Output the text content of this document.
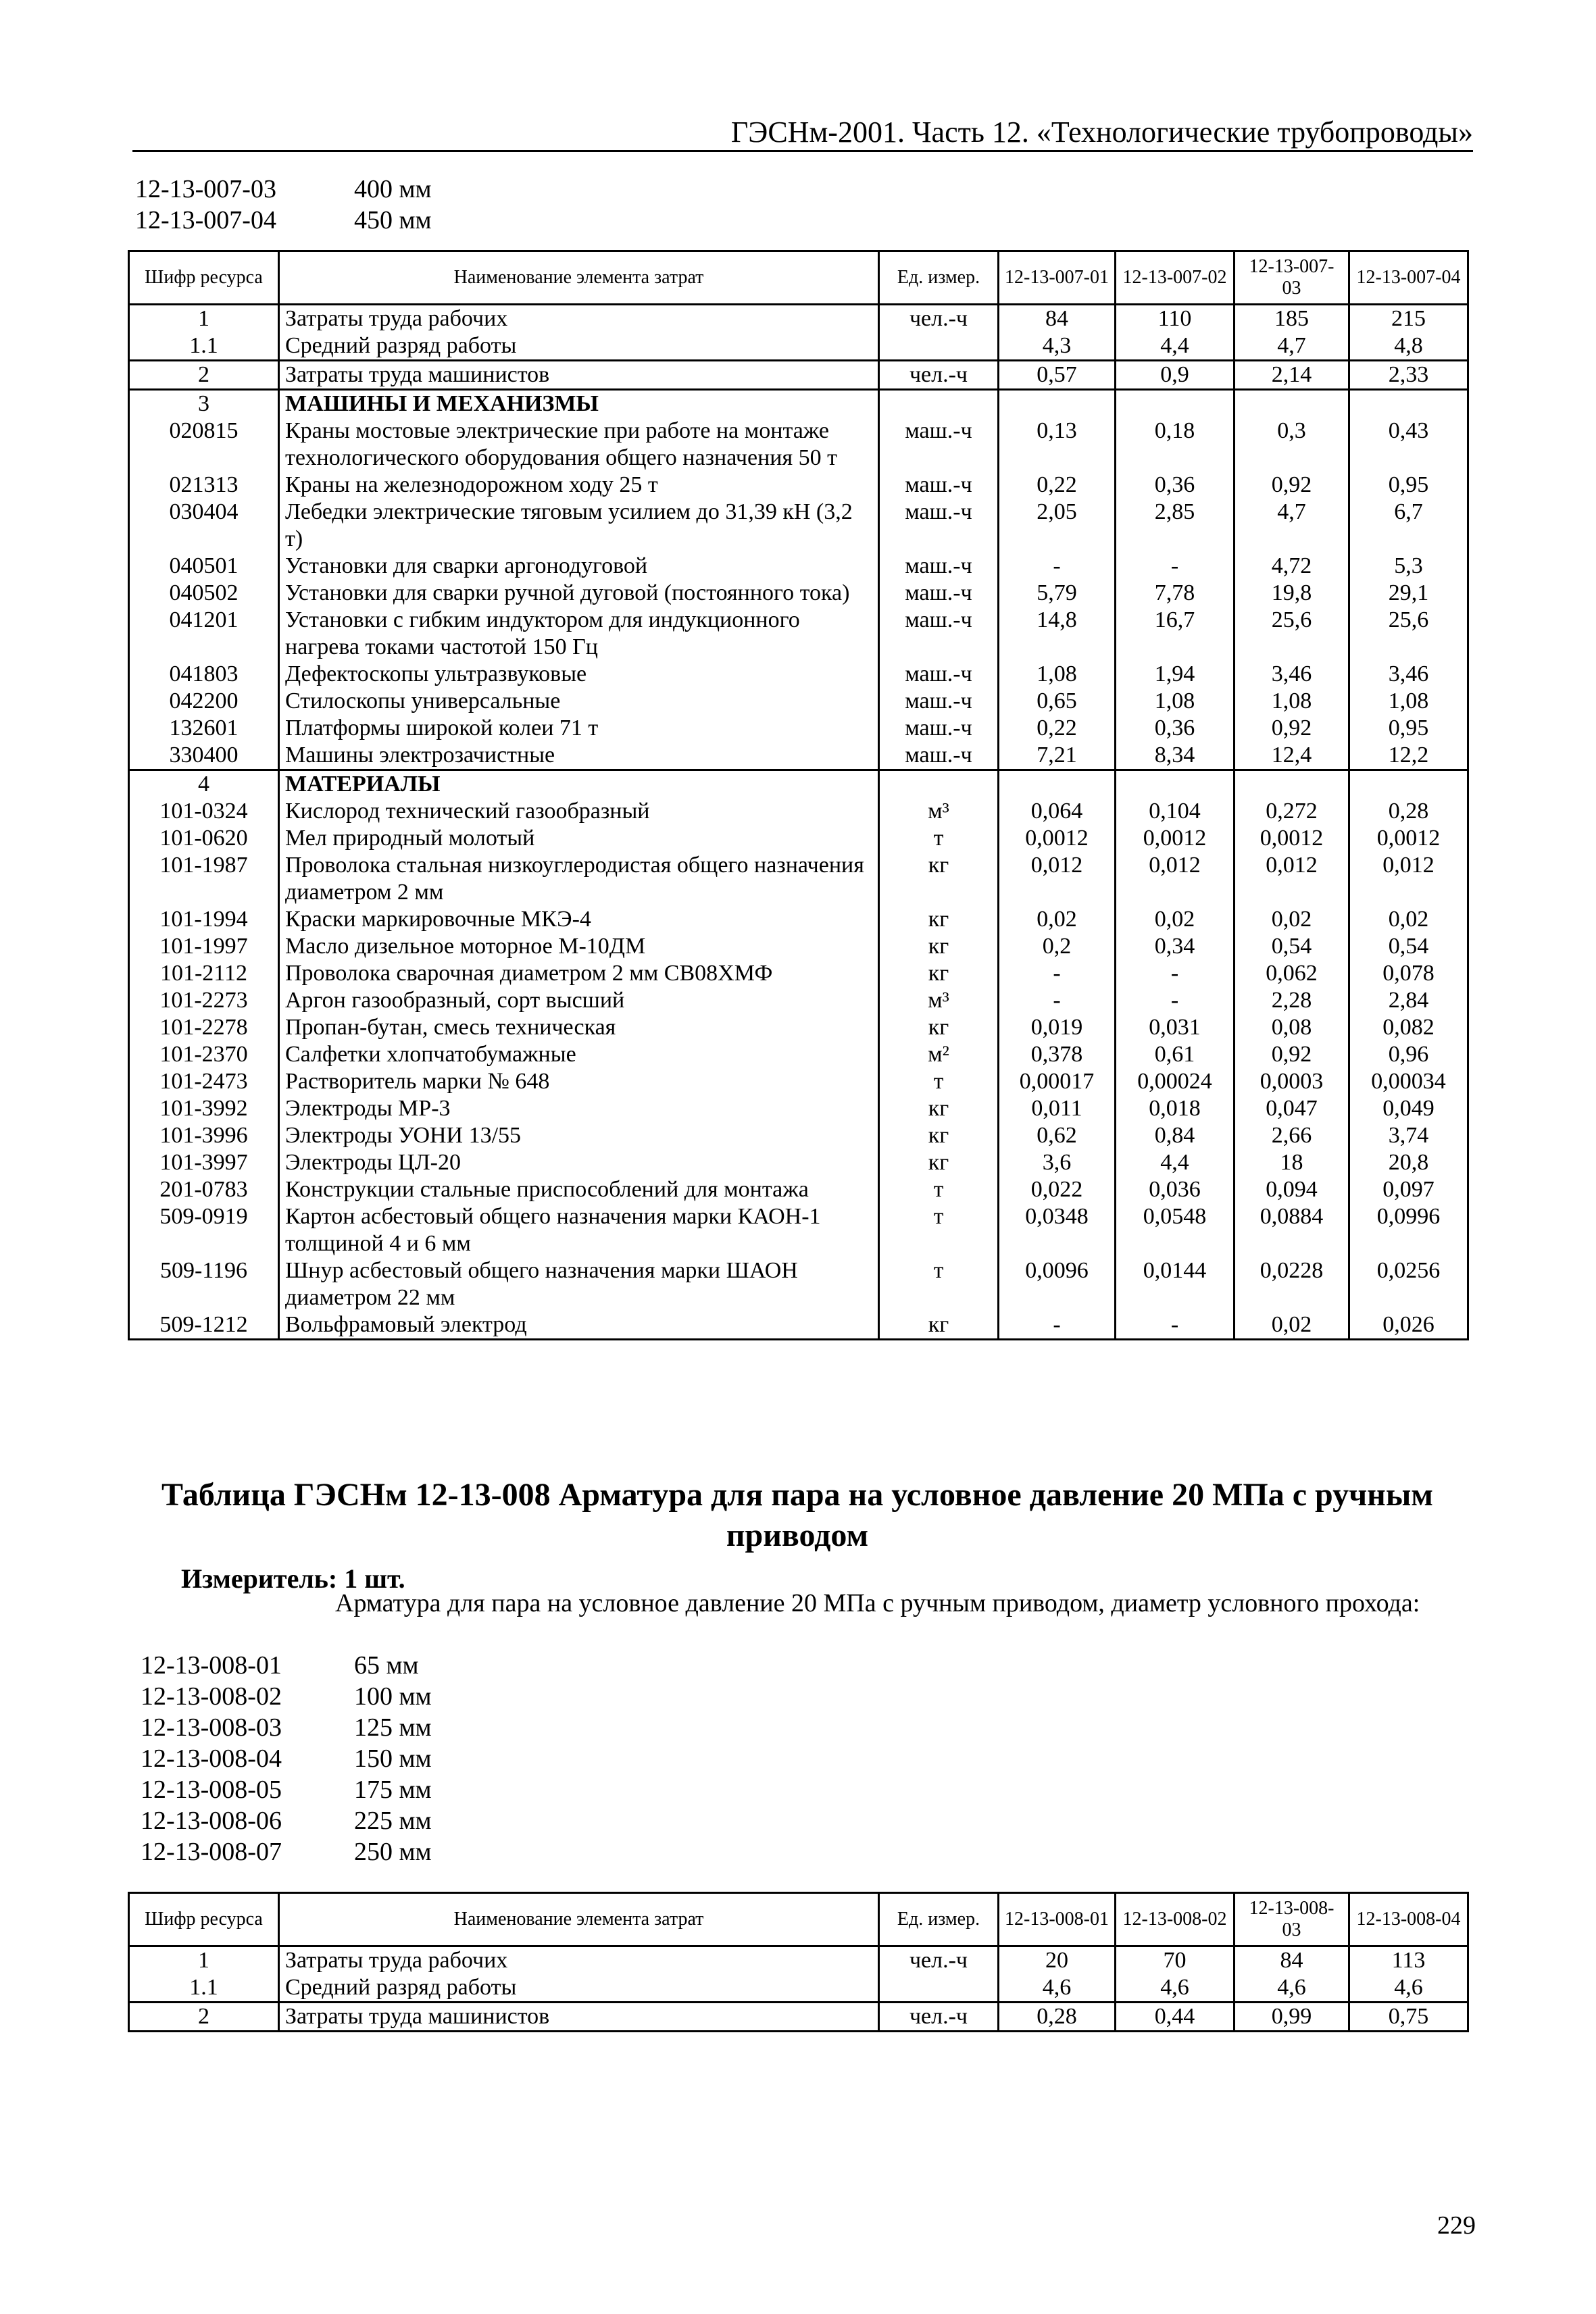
ГЭСНм-2001. Часть 12. «Технологические трубопроводы»
12-13-007-03	400 мм
12-13-007-04	450 мм
Шифр ресурса	Наименование элемента затрат	Ед. измер.	12-13-007-01	12-13-007-02	12-13-007-03	12-13-007-04
1	Затраты труда рабочих	чел.-ч	84	110	185	215
1.1	Средний разряд работы		4,3	4,4	4,7	4,8
2	Затраты труда машинистов	чел.-ч	0,57	0,9	2,14	2,33
3	МАШИНЫ И МЕХАНИЗМЫ					
020815	Краны мостовые электрические при работе на монтаже технологического оборудования общего назначения 50 т	маш.-ч	0,13	0,18	0,3	0,43
021313	Краны на железнодорожном ходу 25 т	маш.-ч	0,22	0,36	0,92	0,95
030404	Лебедки электрические тяговым усилием до 31,39 кН (3,2 т)	маш.-ч	2,05	2,85	4,7	6,7
040501	Установки для сварки аргонодуговой	маш.-ч	-	-	4,72	5,3
040502	Установки для сварки ручной дуговой (постоянного тока)	маш.-ч	5,79	7,78	19,8	29,1
041201	Установки с гибким индуктором для индукционного нагрева токами частотой 150 Гц	маш.-ч	14,8	16,7	25,6	25,6
041803	Дефектоскопы ультразвуковые	маш.-ч	1,08	1,94	3,46	3,46
042200	Стилоскопы универсальные	маш.-ч	0,65	1,08	1,08	1,08
132601	Платформы широкой колеи 71 т	маш.-ч	0,22	0,36	0,92	0,95
330400	Машины электрозачистные	маш.-ч	7,21	8,34	12,4	12,2
4	МАТЕРИАЛЫ					
101-0324	Кислород технический газообразный	м³	0,064	0,104	0,272	0,28
101-0620	Мел природный молотый	т	0,0012	0,0012	0,0012	0,0012
101-1987	Проволока стальная низкоуглеродистая общего назначения диаметром 2 мм	кг	0,012	0,012	0,012	0,012
101-1994	Краски маркировочные МКЭ-4	кг	0,02	0,02	0,02	0,02
101-1997	Масло дизельное моторное М-10ДМ	кг	0,2	0,34	0,54	0,54
101-2112	Проволока сварочная диаметром 2 мм СВ08ХМФ	кг	-	-	0,062	0,078
101-2273	Аргон газообразный, сорт высший	м³	-	-	2,28	2,84
101-2278	Пропан-бутан, смесь техническая	кг	0,019	0,031	0,08	0,082
101-2370	Салфетки хлопчатобумажные	м²	0,378	0,61	0,92	0,96
101-2473	Растворитель марки № 648	т	0,00017	0,00024	0,0003	0,00034
101-3992	Электроды МР-3	кг	0,011	0,018	0,047	0,049
101-3996	Электроды УОНИ 13/55	кг	0,62	0,84	2,66	3,74
101-3997	Электроды ЦЛ-20	кг	3,6	4,4	18	20,8
201-0783	Конструкции стальные приспособлений для монтажа	т	0,022	0,036	0,094	0,097
509-0919	Картон асбестовый общего назначения марки КАОН-1 толщиной 4 и 6 мм	т	0,0348	0,0548	0,0884	0,0996
509-1196	Шнур асбестовый общего назначения марки ШАОН диаметром 22 мм	т	0,0096	0,0144	0,0228	0,0256
509-1212	Вольфрамовый электрод	кг	-	-	0,02	0,026
Таблица ГЭСНм 12-13-008 Арматура для пара на условное давление 20 МПа с ручным приводом
Измеритель: 1 шт.
Арматура для пара на условное давление 20 МПа с ручным приводом, диаметр условного прохода:
12-13-008-01	65 мм
12-13-008-02	100 мм
12-13-008-03	125 мм
12-13-008-04	150 мм
12-13-008-05	175 мм
12-13-008-06	225 мм
12-13-008-07	250 мм
Шифр ресурса	Наименование элемента затрат	Ед. измер.	12-13-008-01	12-13-008-02	12-13-008-03	12-13-008-04
1	Затраты труда рабочих	чел.-ч	20	70	84	113
1.1	Средний разряд работы		4,6	4,6	4,6	4,6
2	Затраты труда машинистов	чел.-ч	0,28	0,44	0,99	0,75
229
